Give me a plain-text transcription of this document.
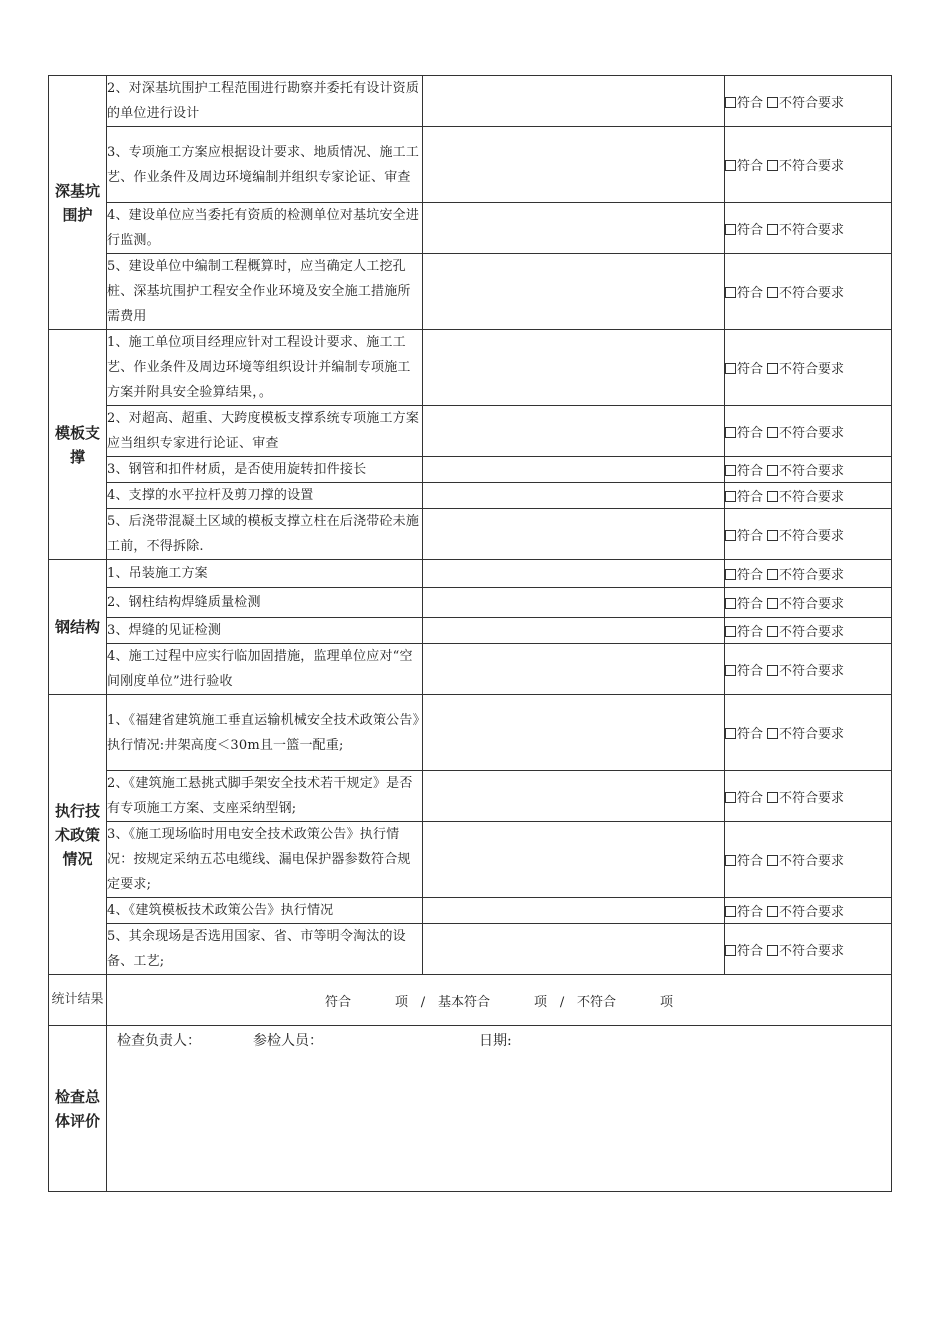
深基坑围护	2、对深基坑围护工程范围进行勘察并委托有设计资质的单位进行设计		符合 不符合要求
	3、专项施工方案应根据设计要求、地质情况、施工工艺、作业条件及周边环境编制并组织专家论证、审查		符合 不符合要求
	4、建设单位应当委托有资质的检测单位对基坑安全进行监测。		符合 不符合要求
	5、建设单位中编制工程概算时，应当确定人工挖孔桩、深基坑围护工程安全作业环境及安全施工措施所需费用		符合 不符合要求
模板支撑	1、施工单位项目经理应针对工程设计要求、施工工艺、作业条件及周边环境等组织设计并编制专项施工方案并附具安全验算结果，。		符合 不符合要求
	2、对超高、超重、大跨度模板支撑系统专项施工方案应当组织专家进行论证、审查		符合 不符合要求
	3、钢管和扣件材质，是否使用旋转扣件接长		符合 不符合要求
	4、支撑的水平拉杆及剪刀撑的设置		符合 不符合要求
	5、后浇带混凝土区域的模板支撑立柱在后浇带砼未施工前，不得拆除.		符合 不符合要求
钢结构	1、吊装施工方案		符合 不符合要求
	2、钢柱结构焊缝质量检测		符合 不符合要求
	3、焊缝的见证检测		符合 不符合要求
	4、施工过程中应实行临加固措施，监理单位应对“空间刚度单位”进行验收		符合 不符合要求
执行技术政策情况	1、《福建省建筑施工垂直运输机械安全技术政策公告》执行情况:井架高度＜30m且一篮一配重;		符合 不符合要求
	2、《建筑施工悬挑式脚手架安全技术若干规定》是否有专项施工方案、支座采纳型钢;		符合 不符合要求
	3、《施工现场临时用电安全技术政策公告》执行情况：按规定采纳五芯电缆线、漏电保护器参数符合规定要求;		符合 不符合要求
	4、《建筑模板技术政策公告》执行情况		符合 不符合要求
	5、其余现场是否选用国家、省、市等明令淘汰的设备、工艺;		符合 不符合要求
统计结果	符合 项 / 基本符合 项 / 不符合 项		
检查总体评价	检查负责人： 参检人员： 日期:		
